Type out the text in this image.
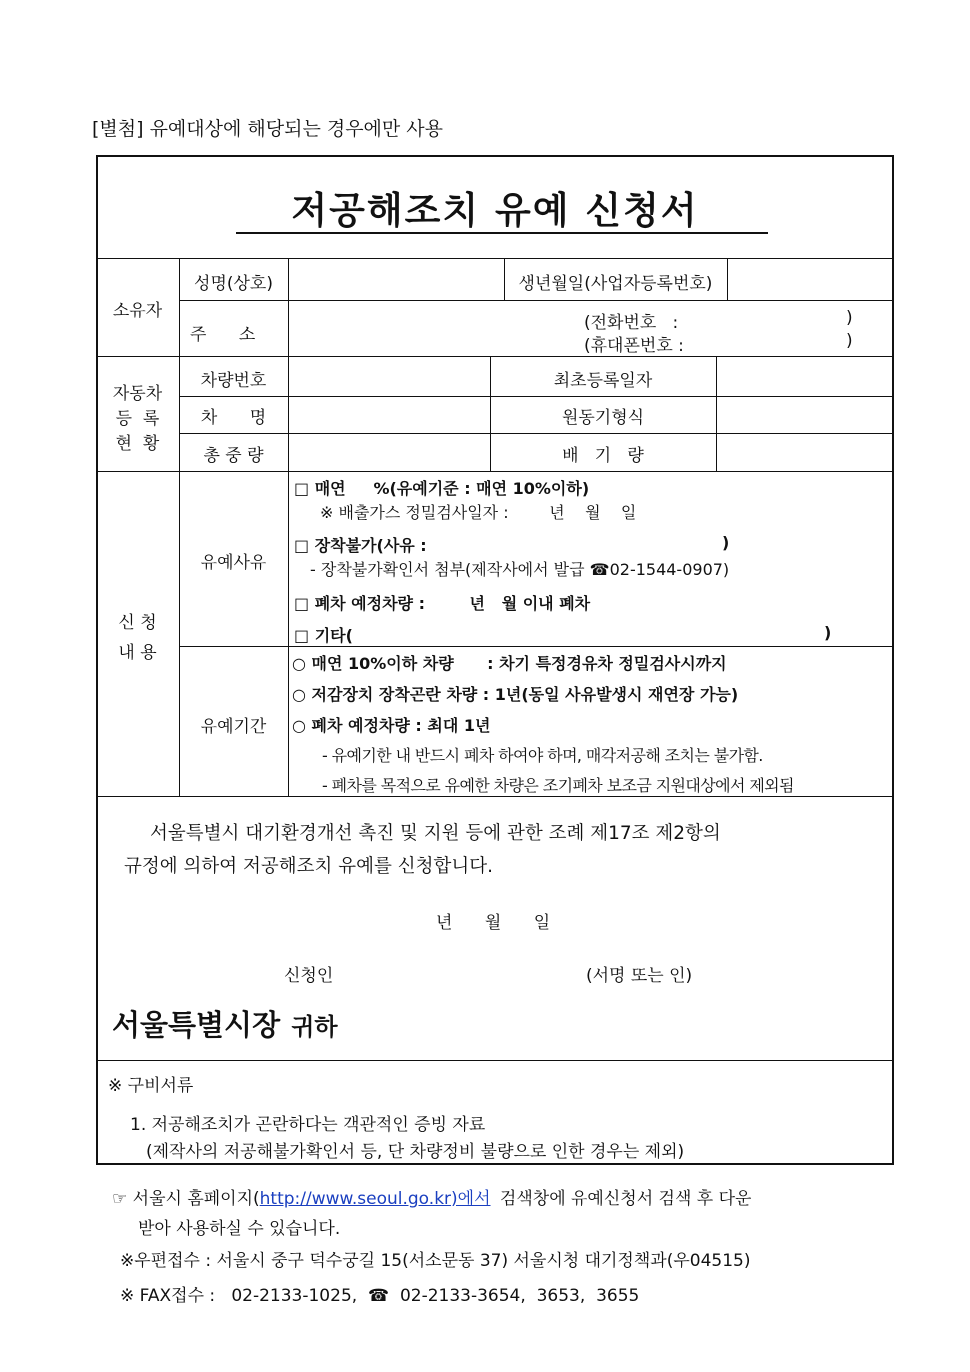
[별첨] 유예대상에 해당되는 경우에만 사용
저공해조치 유예 신청서
소유자
성명(상호)	생년월일(사업자등록번호)
주      소
(전화번호   :	)
(휴대폰번호 :	)
자동차
등  록
현  황
차량번호	최초등록일자
차      명	원동기형식
총 중 량	배   기   량
신 청
내 용
유예사유
□ 매연     %(유예기준 : 매연 10%이하)
※ 배출가스 정밀검사일자 :        년    월    일
□ 장착불가(사유 :	)
- 장착불가확인서 첨부(제작사에서 발급 ☎02-1544-0907)
□ 폐차 예정차량 :        년   월 이내 폐차
□ 기타(	)
유예기간
○ 매연 10%이하 차량      : 차기 특정경유차 정밀검사시까지
○ 저감장치 장착곤란 차량 : 1년(동일 사유발생시 재연장 가능)
○ 폐차 예정차량 : 최대 1년
- 유예기한 내 반드시 폐차 하여야 하며, 매각저공해 조치는 불가함.
- 폐차를 목적으로 유예한 차량은 조기폐차 보조금 지원대상에서 제외됨
서울특별시 대기환경개선 촉진 및 지원 등에 관한 조례 제17조 제2항의
규정에 의하여 저공해조치 유예를 신청합니다.
년      월      일
신청인	(서명 또는 인)
서울특별시장 귀하
※ 구비서류
1. 저공해조치가 곤란하다는 객관적인 증빙 자료
(제작사의 저공해불가확인서 등, 단 차량정비 불량으로 인한 경우는 제외)
☞ 서울시 홈페이지(http://www.seoul.go.kr)에서 검색창에 유예신청서 검색 후 다운
받아 사용하실 수 있습니다.
※우편접수 : 서울시 중구 덕수궁길 15(서소문동 37) 서울시청 대기정책과(우04515)
※ FAX접수 :   02-2133-1025,  ☎  02-2133-3654,  3653,  3655
